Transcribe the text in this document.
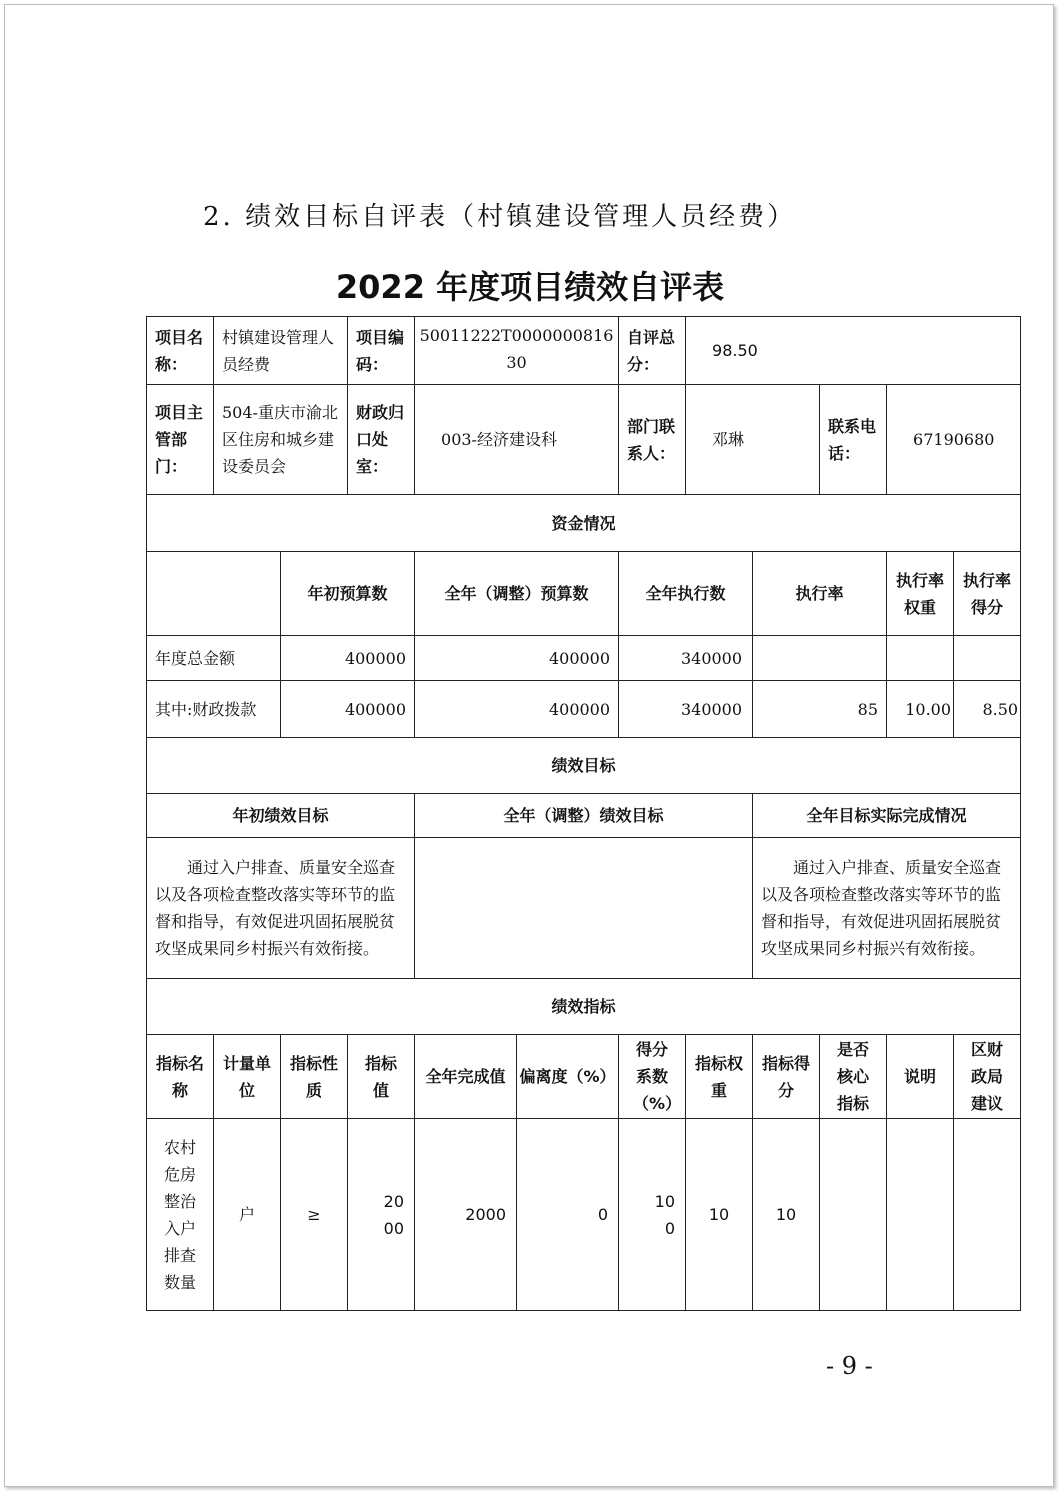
2. 绩效目标自评表（村镇建设管理人员经费）
2022 年度项目绩效自评表
项目名称：	村镇建设管理人员经费		项目编码：	50011222T000000081630		自评总分：	98.50				
项目主管部门：	504-重庆市渝北区住房和城乡建设委员会		财政归口处室：	003-经济建设科		部门联系人：	邓琳		联系电话：	67190680	
资金情况											
		年初预算数		全年（调整）预算数		全年执行数		执行率		执行率权重	执行率得分
年度总金额		400000		400000		340000					
其中:财政拨款		400000		400000		340000		85		10.00	8.50
绩效目标											
年初绩效目标				全年（调整）绩效目标				全年目标实际完成情况			
通过入户排查、质量安全巡查以及各项检查整改落实等环节的监督和指导，有效促进巩固拓展脱贫攻坚成果同乡村振兴有效衔接。								通过入户排查、质量安全巡查以及各项检查整改落实等环节的监督和指导，有效促进巩固拓展脱贫攻坚成果同乡村振兴有效衔接。			
绩效指标											
指标名称	计量单位	指标性质	指标值	全年完成值	偏离度（%）	得分系数（%）	指标权重	指标得分	是否核心指标	说明	区财政局建议
农村危房整治入户排查数量	户	≥	2000	2000	0	100	10	10			
- 9 -
